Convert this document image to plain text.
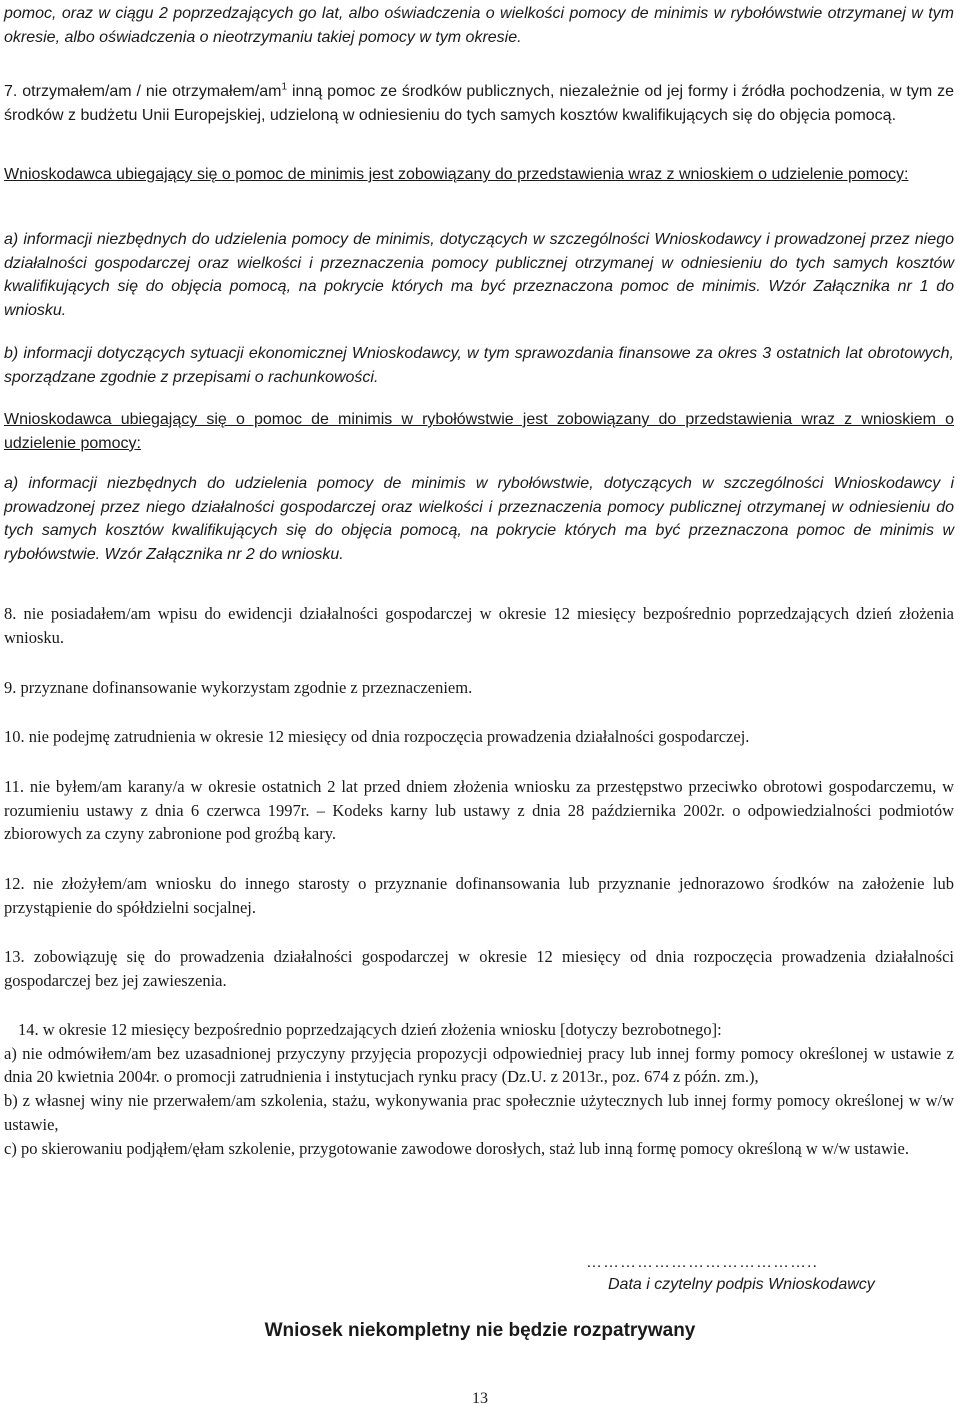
pomoc, oraz w ciągu 2 poprzedzających go lat, albo oświadczenia o wielkości pomocy de minimis w rybołówstwie otrzymanej w tym okresie, albo oświadczenia o nieotrzymaniu takiej pomocy w tym okresie.

7. otrzymałem/am / nie otrzymałem/$am^1$ inną pomoc ze środków publicznych, niezależnie od jej formy i źródła pochodzenia, w tym ze środków z budżetu Unii Europejskiej, udzieloną w odniesieniu do tych samych kosztów kwalifikujących się do objęcia pomocą.

Wnioskodawca ubiegający się o pomoc de minimis jest zobowiązany do przedstawienia wraz z wnioskiem o udzielenie pomocy:

a) informacji niezbędnych do udzielenia pomocy de minimis, dotyczących w szczególności Wnioskodawcy i prowadzonej przez niego działalności gospodarczej oraz wielkości i przeznaczenia pomocy publicznej otrzymanej w odniesieniu do tych samych kosztów kwalifikujących się do objęcia pomocą, na pokrycie których ma być przeznaczona pomoc de minimis. Wzór Załącznika nr 1 do wniosku.

b) informacji dotyczących sytuacji ekonomicznej Wnioskodawcy, w tym sprawozdania finansowe za okres 3 ostatnich lat obrotowych, sporządzane zgodnie z przepisami o rachunkowości.

Wnioskodawca ubiegający się o pomoc de minimis w rybołówstwie jest zobowiązany do przedstawienia wraz z wnioskiem o udzielenie pomocy:

a) informacji niezbędnych do udzielenia pomocy de minimis w rybołówstwie, dotyczących w szczególności Wnioskodawcy i prowadzonej przez niego działalności gospodarczej oraz wielkości i przeznaczenia pomocy publicznej otrzymanej w odniesieniu do tych samych kosztów kwalifikujących się do objęcia pomocą, na pokrycie których ma być przeznaczona pomoc de minimis w rybołówstwie. Wzór Załącznika nr 2 do wniosku.

8. nie posiadałem/am wpisu do ewidencji działalności gospodarczej w okresie 12 miesięcy bezpośrednio poprzedzających dzień złożenia wniosku.

9. przyznane dofinansowanie wykorzystam zgodnie z przeznaczeniem.

10. nie podejmę zatrudnienia w okresie 12 miesięcy od dnia rozpoczęcia prowadzenia działalności gospodarczej.

11. nie byłem/am karany/a w okresie ostatnich 2 lat przed dniem złożenia wniosku za przestępstwo przeciwko obrotowi gospodarczemu, w rozumieniu ustawy z dnia 6 czerwca 1997r. – Kodeks karny lub ustawy z dnia 28 października 2002r. o odpowiedzialności podmiotów zbiorowych za czyny zabronione pod groźbą kary.

12. nie złożyłem/am wniosku do innego starosty o przyznanie dofinansowania lub przyznanie jednorazowo środków na założenie lub przystąpienie do spółdzielni socjalnej.

13. zobowiązuję się do prowadzenia działalności gospodarczej w okresie 12 miesięcy od dnia rozpoczęcia prowadzenia działalności gospodarczej bez jej zawieszenia.

14. w okresie 12 miesięcy bezpośrednio poprzedzających dzień złożenia wniosku [dotyczy bezrobotnego]:
a) nie odmówiłem/am bez uzasadnionej przyczyny przyjęcia propozycji odpowiedniej pracy lub innej formy pomocy określonej w ustawie z dnia 20 kwietnia 2004r. o promocji zatrudnienia i instytucjach rynku pracy (Dz.U. z 2013r., poz. 674 z późn. zm.),
b) z własnej winy nie przerwałem/am szkolenia, stażu, wykonywania prac społecznie użytecznych lub innej formy pomocy określonej w w/w ustawie,
c) po skierowaniu podjąłem/ęłam szkolenie, przygotowanie zawodowe dorosłych, staż lub inną formę pomocy określoną w w/w ustawie.
…………………………………..
Data i czytelny podpis Wnioskodawcy
Wniosek niekompletny nie będzie rozpatrywany
13
